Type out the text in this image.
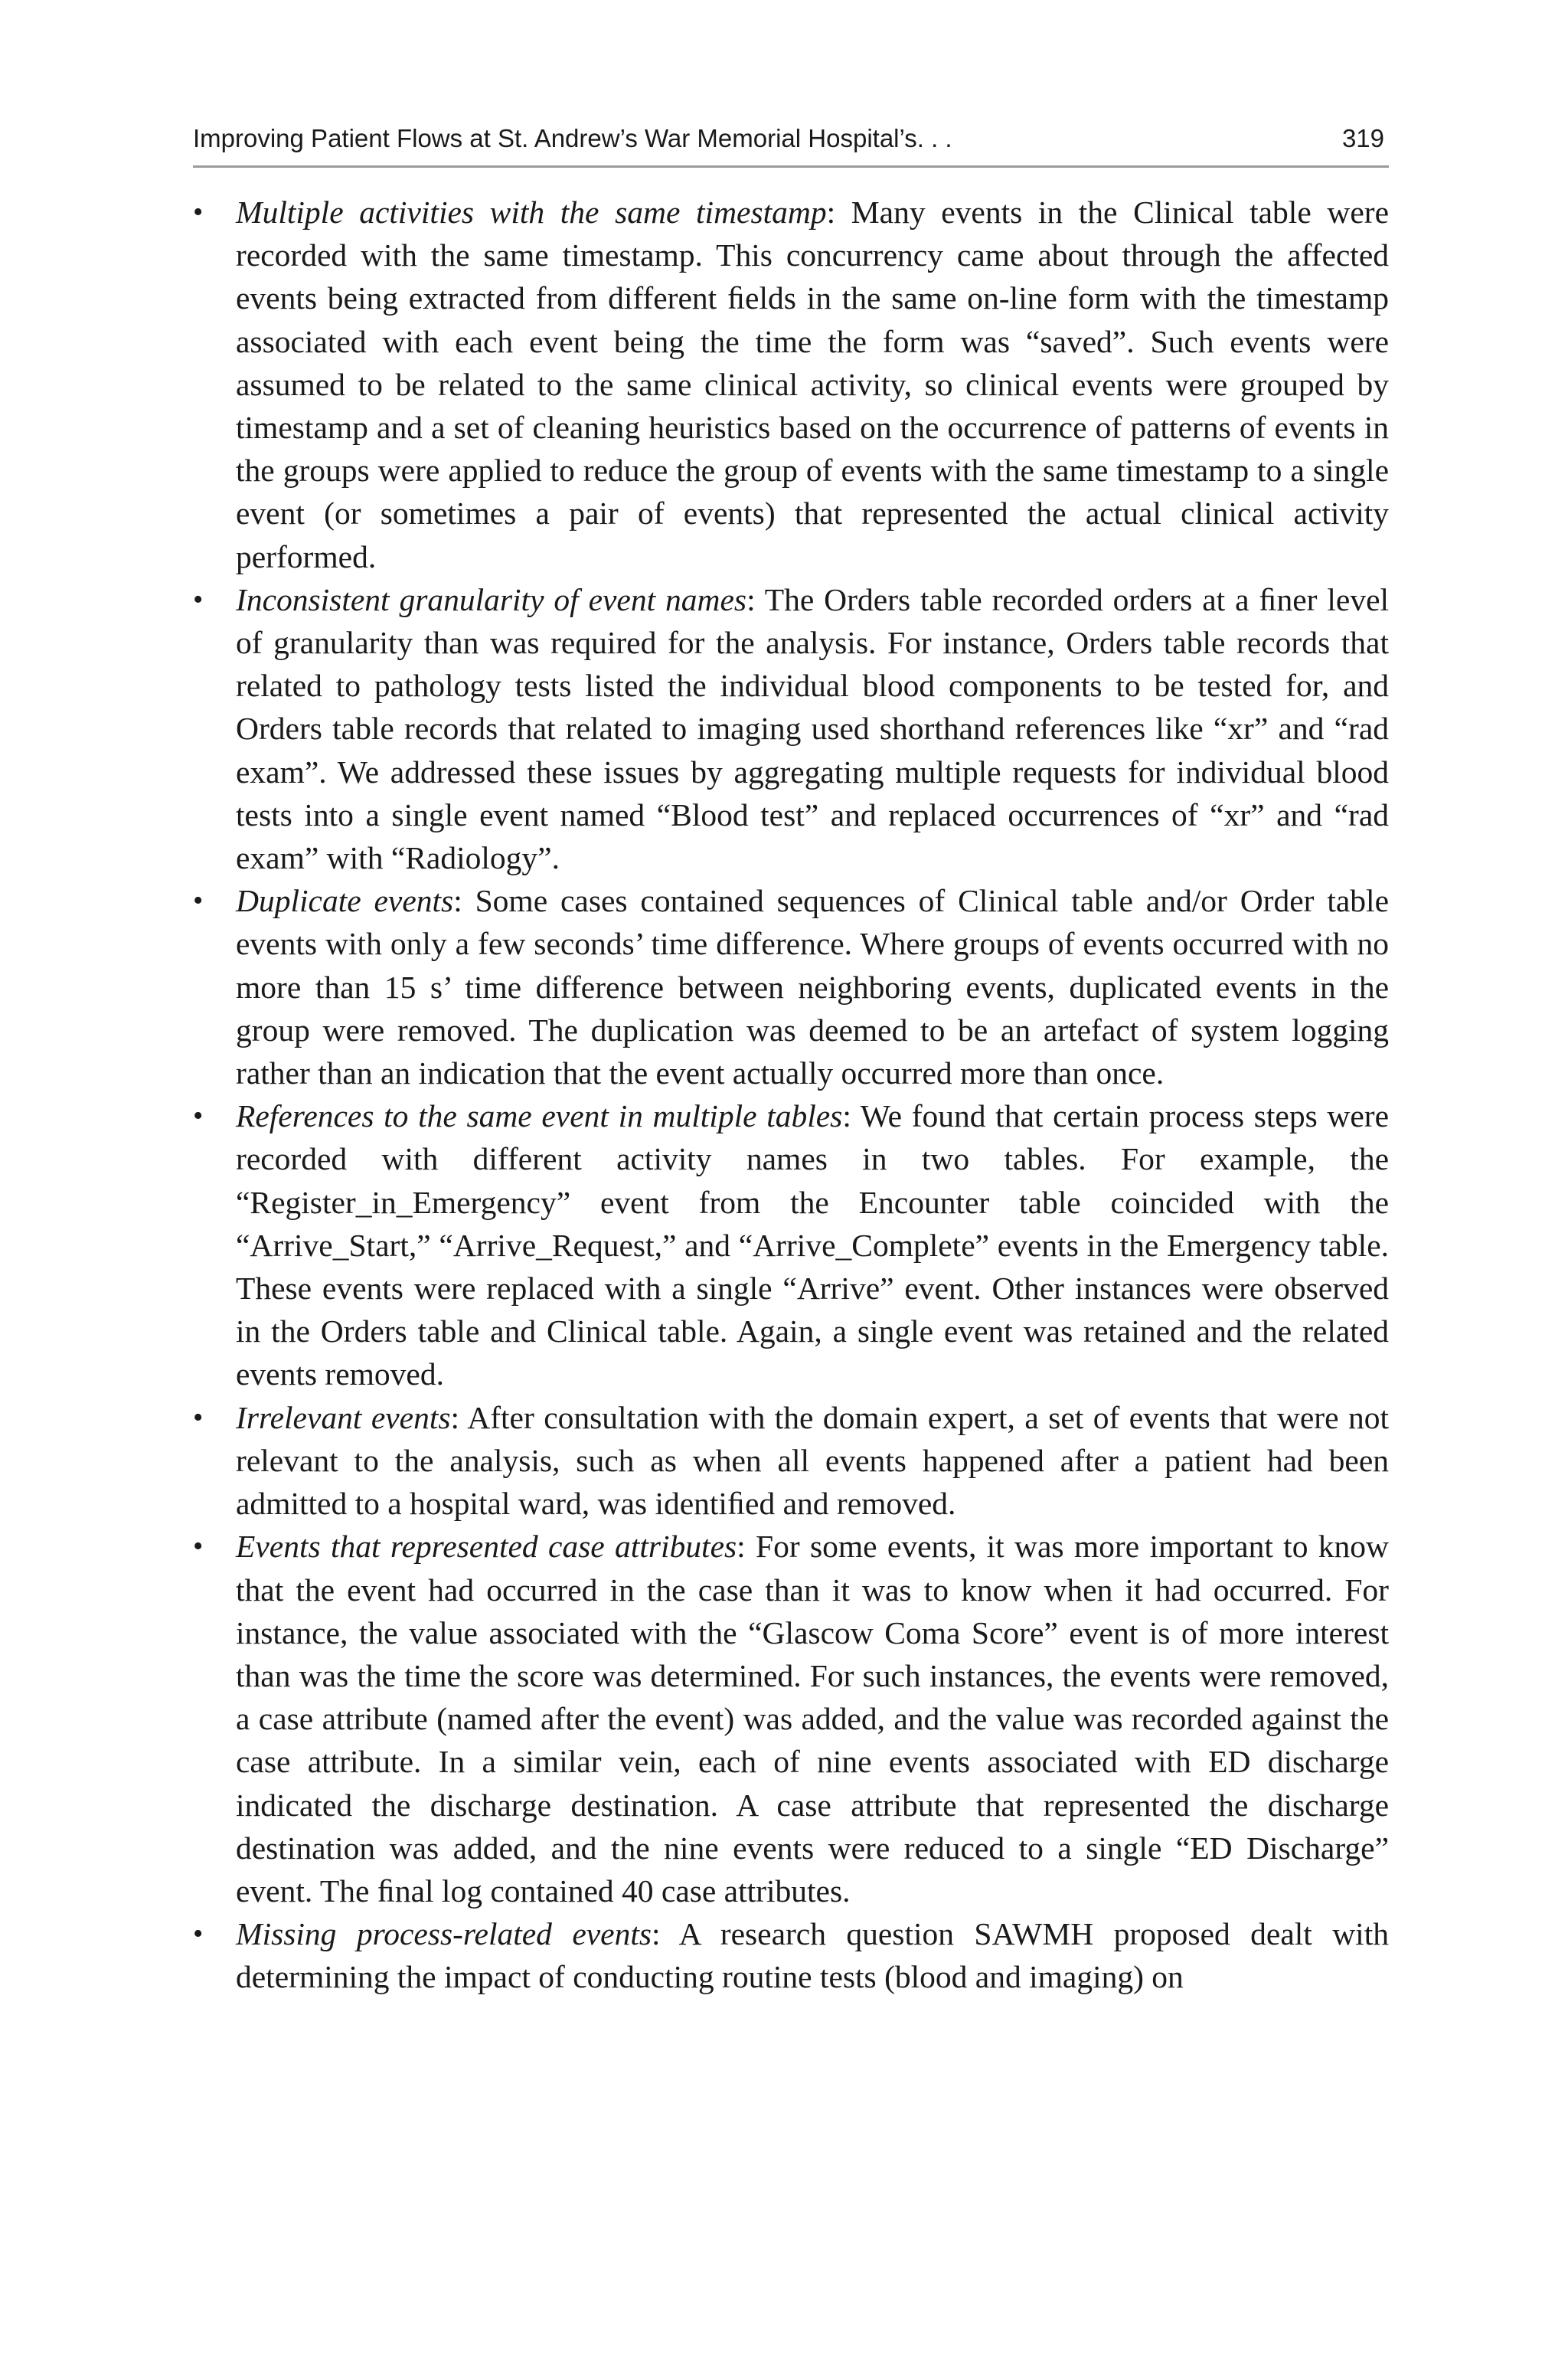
Improving Patient Flows at St. Andrew’s War Memorial Hospital’s. . .	319
• Multiple activities with the same timestamp: Many events in the Clinical table were recorded with the same timestamp. This concurrency came about through the affected events being extracted from different ﬁelds in the same on-line form with the timestamp associated with each event being the time the form was “saved”. Such events were assumed to be related to the same clinical activity, so clinical events were grouped by timestamp and a set of cleaning heuristics based on the occurrence of patterns of events in the groups were applied to reduce the group of events with the same timestamp to a single event (or sometimes a pair of events) that represented the actual clinical activity performed.
• Inconsistent granularity of event names: The Orders table recorded orders at a ﬁner level of granularity than was required for the analysis. For instance, Orders table records that related to pathology tests listed the individual blood components to be tested for, and Orders table records that related to imaging used shorthand references like “xr” and “rad exam”. We addressed these issues by aggregating multiple requests for individual blood tests into a single event named “Blood test” and replaced occurrences of “xr” and “rad exam” with “Radiology”.
• Duplicate events: Some cases contained sequences of Clinical table and/or Order table events with only a few seconds’ time difference. Where groups of events occurred with no more than 15 s’ time difference between neighboring events, duplicated events in the group were removed. The duplication was deemed to be an artefact of system logging rather than an indication that the event actually occurred more than once.
• References to the same event in multiple tables: We found that certain process steps were recorded with different activity names in two tables. For example, the “Register_in_Emergency” event from the Encounter table coincided with the “Arrive_Start,” “Arrive_Request,” and “Arrive_Complete” events in the Emergency table. These events were replaced with a single “Arrive” event. Other instances were observed in the Orders table and Clinical table. Again, a single event was retained and the related events removed.
• Irrelevant events: After consultation with the domain expert, a set of events that were not relevant to the analysis, such as when all events happened after a patient had been admitted to a hospital ward, was identiﬁed and removed.
• Events that represented case attributes: For some events, it was more important to know that the event had occurred in the case than it was to know when it had occurred. For instance, the value associated with the “Glascow Coma Score” event is of more interest than was the time the score was determined. For such instances, the events were removed, a case attribute (named after the event) was added, and the value was recorded against the case attribute. In a similar vein, each of nine events associated with ED discharge indicated the discharge destination. A case attribute that represented the discharge destination was added, and the nine events were reduced to a single “ED Discharge” event. The ﬁnal log contained 40 case attributes.
• Missing process-related events: A research question SAWMH proposed dealt with determining the impact of conducting routine tests (blood and imaging) on
